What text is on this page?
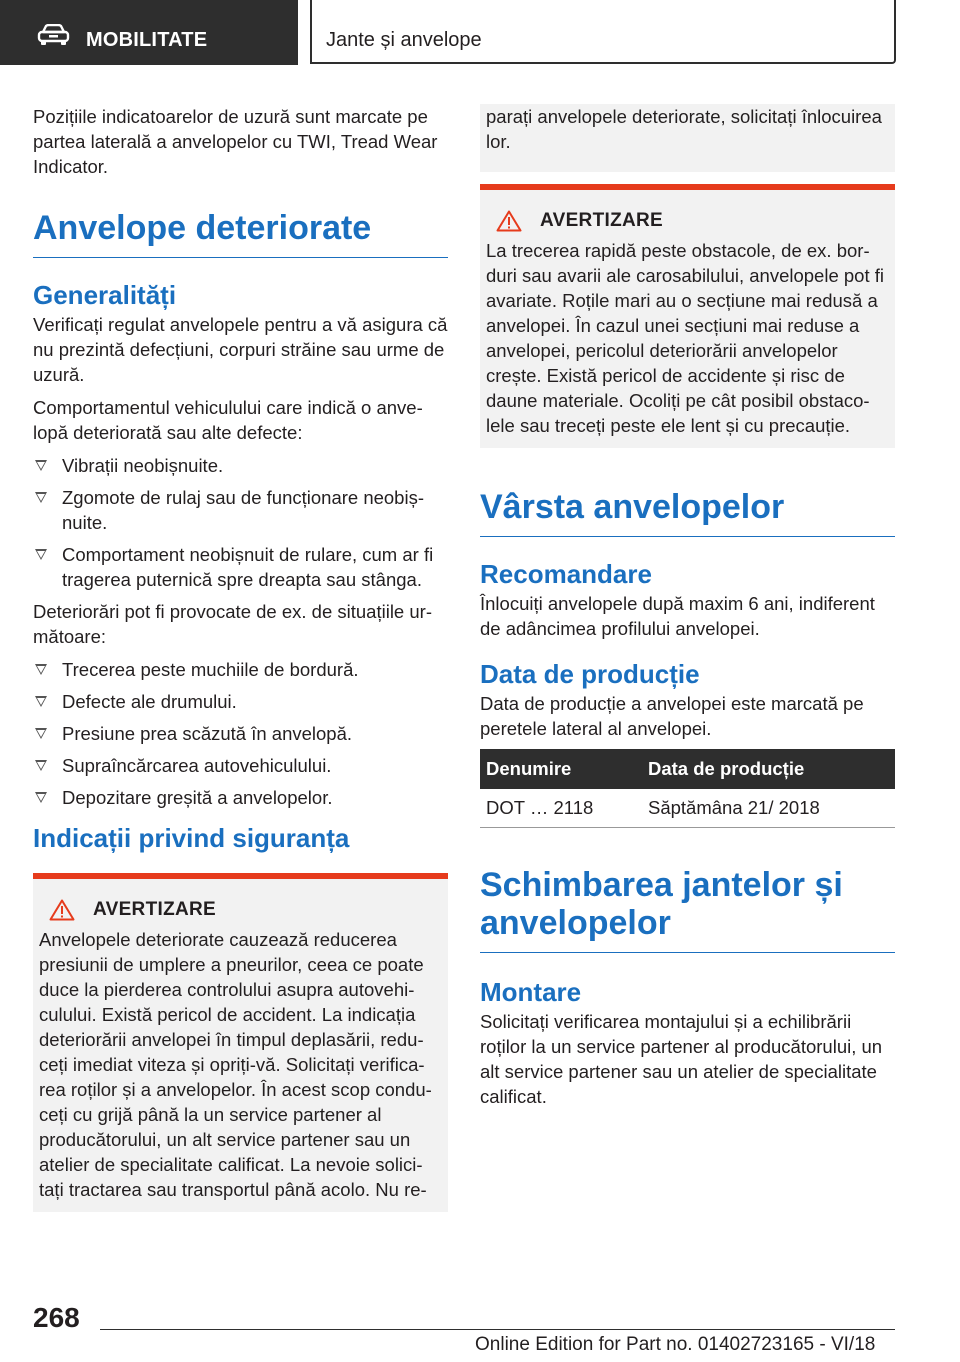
MOBILITATE	Jante și anvelope

Pozițiile indicatoarelor de uzură sunt marcate pe partea laterală a anvelopelor cu TWI, Tread Wear Indicator.

Anvelope deteriorate
Generalități

Verificați regulat anvelopele pentru a vă asigura că nu prezintă defecțiuni, corpuri străine sau urme de uzură.

Comportamentul vehiculului care indică o anvelopă deteriorată sau alte defecte:

Vibrații neobișnuite.
Zgomote de rulaj sau de funcționare neobișnuite.
Comportament neobișnuit de rulare, cum ar fi tragerea puternică spre dreapta sau stânga.

Deteriorări pot fi provocate de ex. de situațiile următoare:

Trecerea peste muchiile de bordură.
Defecte ale drumului.
Presiune prea scăzută în anvelopă.
Supraîncărcarea autovehiculului.
Depozitare greșită a anvelopelor.
Indicații privind siguranța
AVERTIZARE

Anvelopele deteriorate cauzează reducerea presiunii de umplere a pneurilor, ceea ce poate duce la pierderea controlului asupra autovehiculului. Există pericol de accident. La indicația deteriorării anvelopei în timpul deplasării, reduceți imediat viteza și opriți-vă. Solicitați verificarea roților și a anvelopelor. În acest scop conduceți cu grijă până la un service partener al producătorului, un alt service partener sau un atelier de specialitate calificat. La nevoie solicitați tractarea sau transportul până acolo. Nu re-

parați anvelopele deteriorate, solicitați înlocuirea lor.

AVERTIZARE

La trecerea rapidă peste obstacole, de ex. borduri sau avarii ale carosabilului, anvelopele pot fi avariate. Roțile mari au o secțiune mai redusă a anvelopei. În cazul unei secțiuni mai reduse a anvelopei, pericolul deteriorării anvelopelor crește. Există pericol de accidente și risc de daune materiale. Ocoliți pe cât posibil obstacolele sau treceți peste ele lent și cu precauție.

Vârsta anvelopelor
Recomandare

Înlocuiți anvelopele după maxim 6 ani, indiferent de adâncimea profilului anvelopei.

Data de producție

Data de producție a anvelopei este marcată pe peretele lateral al anvelopei.

Denumire	Data de producție
DOT … 2118	Săptămâna 21/ 2018
Schimbarea jantelor și anvelopelor
Montare

Solicitați verificarea montajului și a echilibrării roților la un service partener al producătorului, un alt service partener sau un atelier de specialitate calificat.

268
Online Edition for Part no. 01402723165 - VI/18
